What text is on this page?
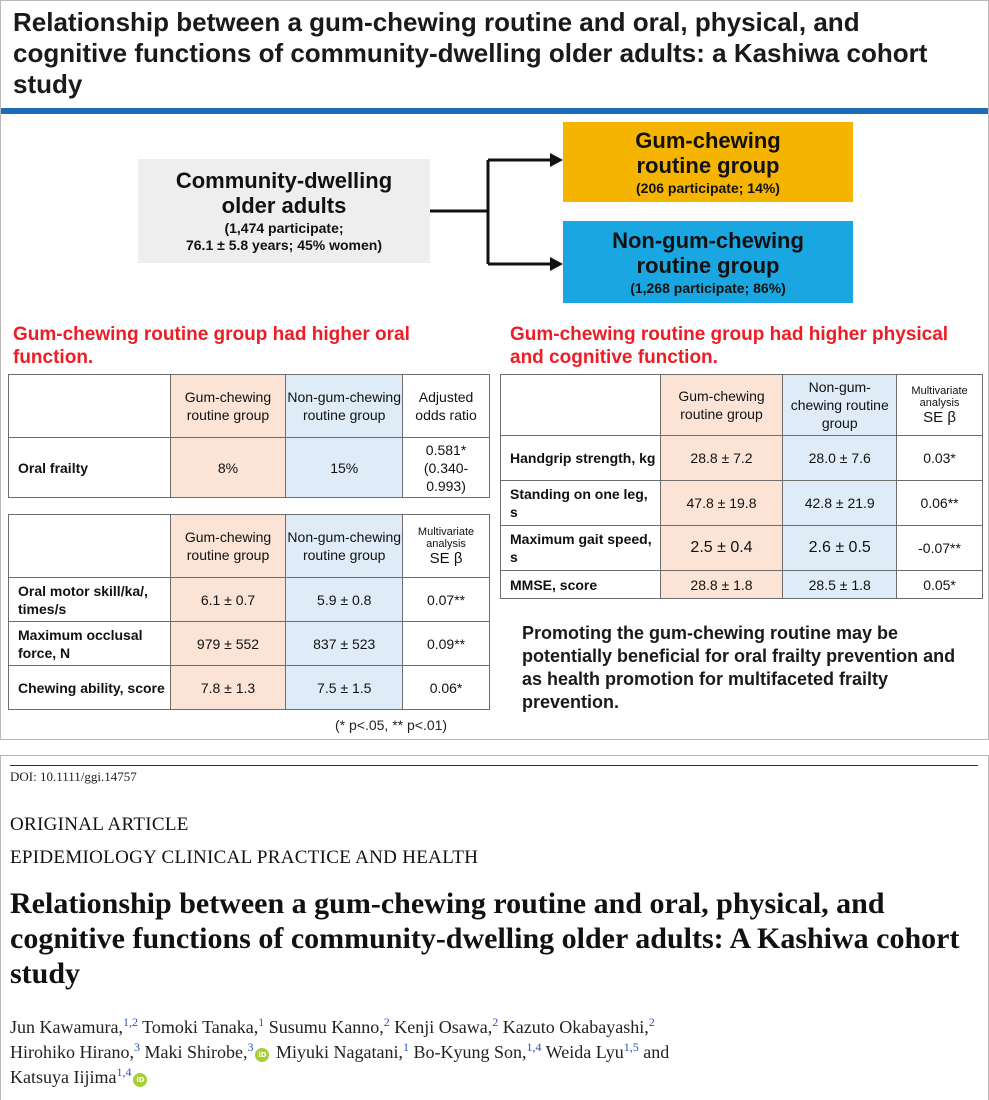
Relationship between a gum-chewing routine and oral, physical, and cognitive functions of community-dwelling older adults: a Kashiwa cohort study
Community-dwelling
older adults
(1,474 participate;
76.1 ± 5.8 years; 45% women)
Gum-chewing
routine group
(206 participate; 14%)
Non-gum-chewing
routine group
(1,268 participate; 86%)
Gum-chewing routine group had higher oral function.
Gum-chewing routine group had higher physical and cognitive function.
	Gum-chewing routine group	Non-gum-chewing routine group	Adjusted odds ratio
Oral frailty	8%	15%	0.581*
(0.340-
0.993)
	Gum-chewing routine group	Non-gum-chewing routine group	Multivariate analysis
SE β

Oral motor skill/ka/, times/s	6.1 ± 0.7	5.9 ± 0.8	0.07**
Maximum occlusal force, N	979 ± 552	837 ± 523	0.09**
Chewing ability, score	7.8 ± 1.3	7.5 ± 1.5	0.06*
	Gum-chewing routine group	Non-gum-chewing routine group	Multivariate analysis
SE β

Handgrip strength, kg	28.8 ± 7.2	28.0 ± 7.6	0.03*
Standing on one leg, s	47.8 ± 19.8	42.8 ± 21.9	0.06**
Maximum gait speed, s	2.5 ± 0.4	2.6 ± 0.5	-0.07**
MMSE, score	28.8 ± 1.8	28.5 ± 1.8	0.05*
Promoting the gum-chewing routine may be potentially beneficial for oral frailty prevention and as health promotion for multifaceted frailty prevention.
(* p<.05, ** p<.01)
DOI: 10.1111/ggi.14757
ORIGINAL ARTICLE
EPIDEMIOLOGY CLINICAL PRACTICE AND HEALTH
Relationship between a gum-chewing routine and oral, physical, and cognitive functions of community-dwelling older adults: A Kashiwa cohort study
Jun Kawamura,$^{1,2}$ Tomoki Tanaka,$^1$ Susumu Kanno,$^2$ Kenji Osawa,$^2$ Kazuto Okabayashi,$^2$
Hirohiko Hirano,$^3$ Maki Shirobe,$^3$iD Miyuki Nagatani,$^1$ Bo-Kyung Son,$^{1,4}$ Weida Lyu$^{1,5}$ and
Katsuya Iijima$^{1,4}$iD
